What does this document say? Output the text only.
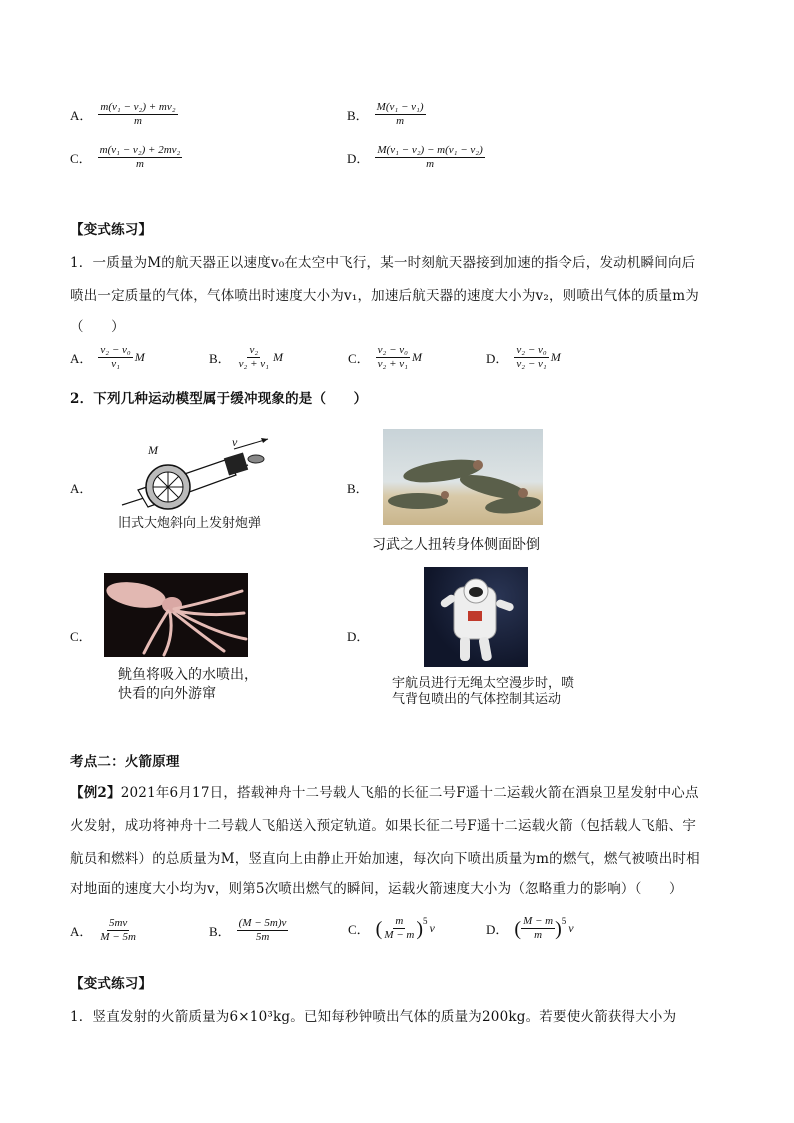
A． $\frac{\text{m(v₁ − v₂) + mv₂}}{m}$	B． $\frac{\text{M(v₁ − v₁)}}{m}$
C． $\frac{\text{m(v₁ − v₂) + 2mv₂}}{m}$	D． $\frac{\text{M(v₁ − v₂) − m(v₁ − v₂)}}{m}$
【变式练习】
1．一质量为M的航天器正以速度v₀在太空中飞行，某一时刻航天器接到加速的指令后，发动机瞬间向后
喷出一定质量的气体，气体喷出时速度大小为v₁，加速后航天器的速度大小为v₂，则喷出气体的质量m为
（　　）
A． $\frac{\text{v₂ − v₀}}{\text{v₁}}$ M	B． $\frac{\text{v₂}}{\text{v₂ + v₁}}$ M	C． $\frac{\text{v₂ − v₀}}{\text{v₂ + v₁}}$ M	D． $\frac{\text{v₂ − v₀}}{\text{v₂ − v₁}}$ M
2．下列几种运动模型属于缓冲现象的是（　　）
A．
M
v
旧式大炮斜向上发射炮弹
B．
习武之人扭转身体侧面卧倒
C．
鱿鱼将吸入的水喷出，
快看的向外游窜
D．
宇航员进行无绳太空漫步时，喷
气背包喷出的气体控制其运动
考点二：火箭原理
【例2】2021年6月17日，搭载神舟十二号载人飞船的长征二号F遥十二运载火箭在酒泉卫星发射中心点
火发射，成功将神舟十二号载人飞船送入预定轨道。如果长征二号F遥十二运载火箭（包括载人飞船、宇
航员和燃料）的总质量为M，竖直向上由静止开始加速，每次向下喷出质量为m的燃气，燃气被喷出时相
对地面的速度大小均为v，则第5次喷出燃气的瞬间，运载火箭速度大小为（忽略重力的影响）（　　）
A． $\frac{5mv}{M - 5m}$	B． $\frac{(M - 5m)v}{5m}$	C． ( $\frac{m}{M - m}$ ) 5 v	D． ( $\frac{M - m}{m}$ ) 5 v
【变式练习】
1．竖直发射的火箭质量为6×10³kg。已知每秒钟喷出气体的质量为200kg。若要使火箭获得大小为
